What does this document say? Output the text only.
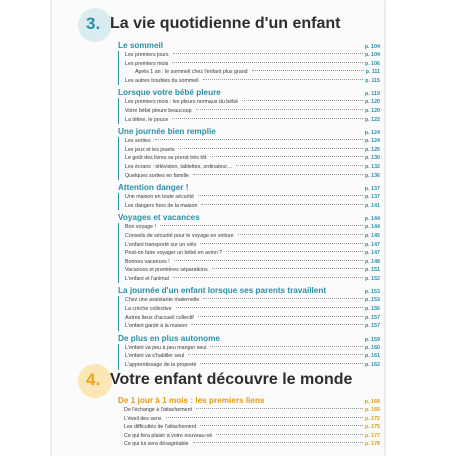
3. La vie quotidienne d'un enfant
Le sommeil	p. 104
Les premiers jours	p. 104
Les premiers mois	p. 106
Après 1 an : le sommeil chez l'enfant plus grand	p. 111
Les autres troubles du sommeil	p. 115
Lorsque votre bébé pleure	p. 119
Les premiers mois : les pleurs normaux du bébé	p. 120
Votre bébé pleure beaucoup	p. 120
La tétine, le pouce	p. 122
Une journée bien remplie	p. 124
Les sorties	p. 124
Les jeux et les jouets	p. 125
Le goût des livres se prend très tôt	p. 130
Les écrans : télévision, tablettes, ordinateur…	p. 132
Quelques sorties en famille	p. 136
Attention danger !	p. 137
Une maison en toute sécurité	p. 137
Les dangers hors de la maison	p. 141
Voyages et vacances	p. 144
Bon voyage !	p. 144
Conseils de sécurité pour le voyage en voiture	p. 145
L'enfant transporté sur un vélo	p. 147
Peut-on faire voyager un bébé en avion ?	p. 147
Bonnes vacances !	p. 148
Vacances et premières séparations	p. 151
L'enfant et l'animal	p. 152
La journée d'un enfant lorsque ses parents travaillent	p. 153
Chez une assistante maternelle	p. 153
La crèche collective	p. 156
Autres lieux d'accueil collectif	p. 157
L'enfant gardé à la maison	p. 157
De plus en plus autonome	p. 159
L'enfant va peu à peu manger seul	p. 160
L'enfant va s'habiller seul	p. 161
L'apprentissage de la propreté	p. 162
4. Votre enfant découvre le monde
De 1 jour à 1 mois : les premiers liens	p. 168
De l'échange à l'attachement	p. 169
L'éveil des sens	p. 172
Les difficultés de l'attachement	p. 175
Ce qui fera plaisir à votre nouveau-né	p. 177
Ce qui lui sera désagréable	p. 178
